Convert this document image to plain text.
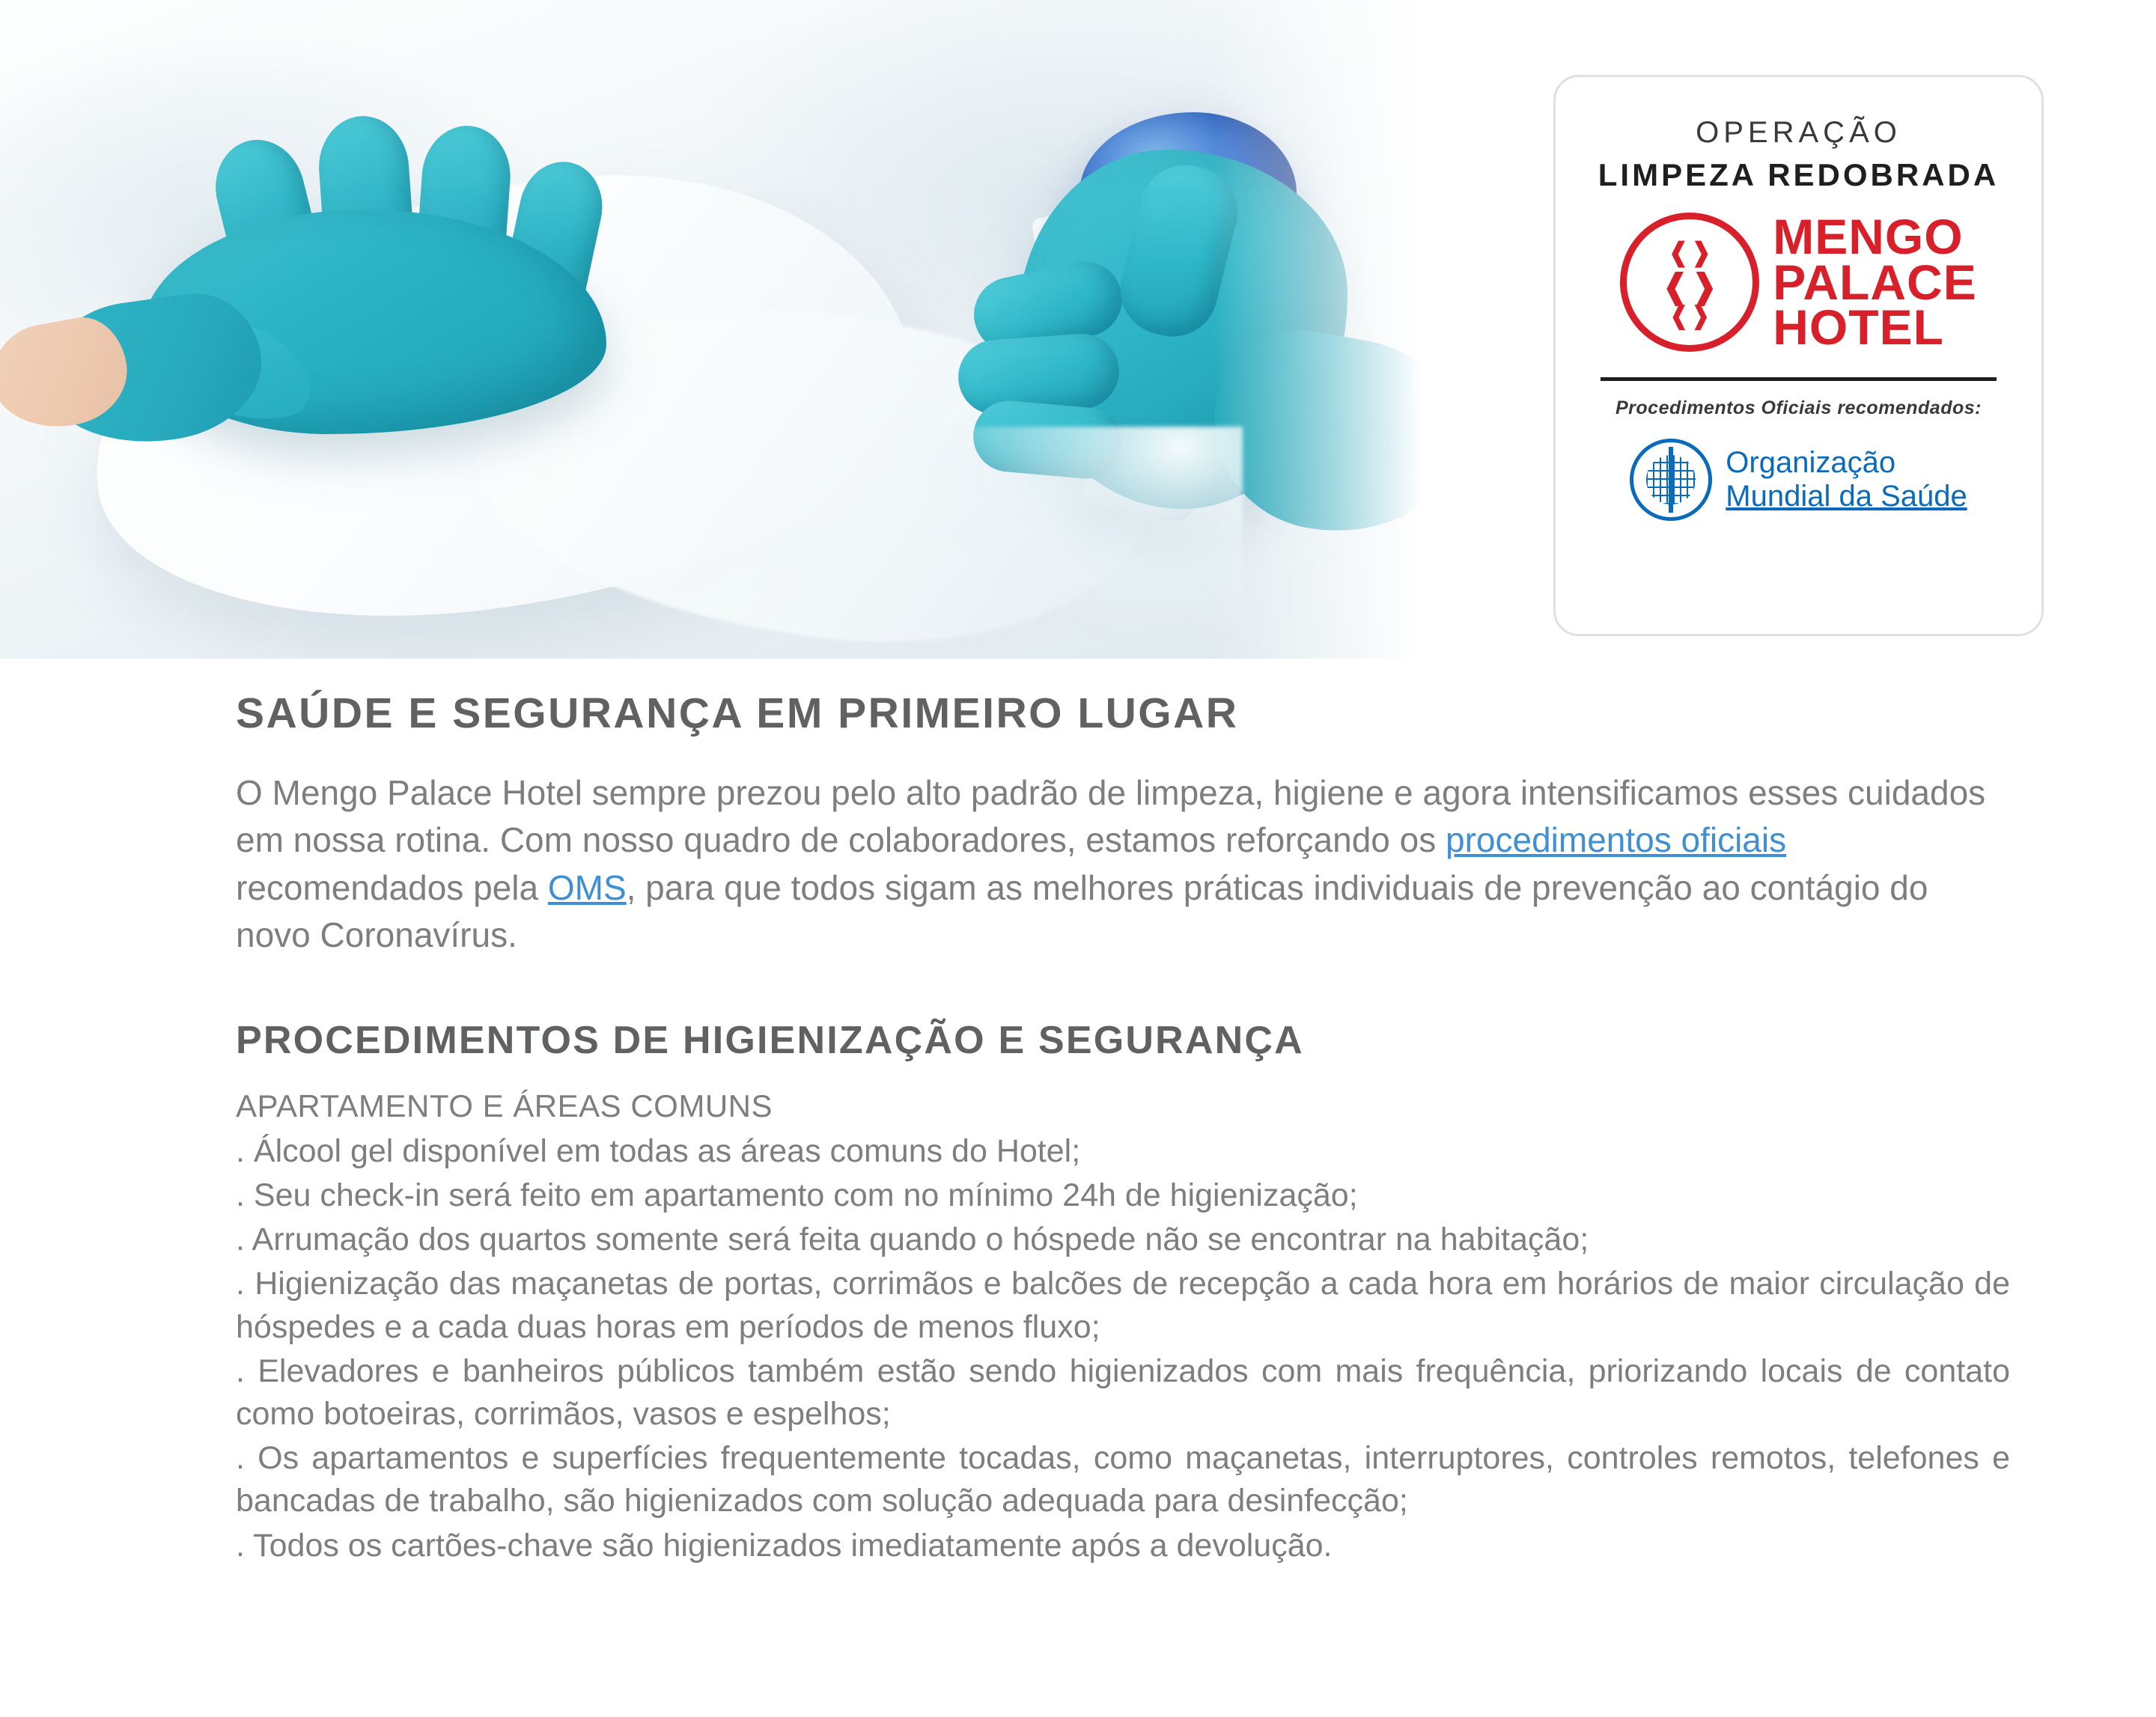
OPERAÇÃO
LIMPEZA REDOBRADA
❰❱
❰❱
❰❱
MENGO
PALACE
HOTEL
Procedimentos Oficiais recomendados:
Organização
Mundial da Saúde
SAÚDE E SEGURANÇA EM PRIMEIRO LUGAR

O Mengo Palace Hotel sempre prezou pelo alto padrão de limpeza, higiene e agora intensificamos esses cuidados em nossa rotina. Com nosso quadro de colaboradores, estamos reforçando os procedimentos oficiais recomendados pela OMS, para que todos sigam as melhores práticas individuais de prevenção ao contágio do novo Coronavírus.

PROCEDIMENTOS DE HIGIENIZAÇÃO E SEGURANÇA
APARTAMENTO E ÁREAS COMUNS
. Álcool gel disponível em todas as áreas comuns do Hotel;
. Seu check-in será feito em apartamento com no mínimo 24h de higienização;
. Arrumação dos quartos somente será feita quando o hóspede não se encontrar na habitação;
. Higienização das maçanetas de portas, corrimãos e balcões de recepção a cada hora em horários de maior circulação de hóspedes e a cada duas horas em períodos de menos fluxo;
. Elevadores e banheiros públicos também estão sendo higienizados com mais frequência, priorizando locais de contato como botoeiras, corrimãos, vasos e espelhos;
. Os apartamentos e superfícies frequentemente tocadas, como maçanetas, interruptores, controles remotos, telefones e bancadas de trabalho, são higienizados com solução adequada para desinfecção;
. Todos os cartões-chave são higienizados imediatamente após a devolução.
